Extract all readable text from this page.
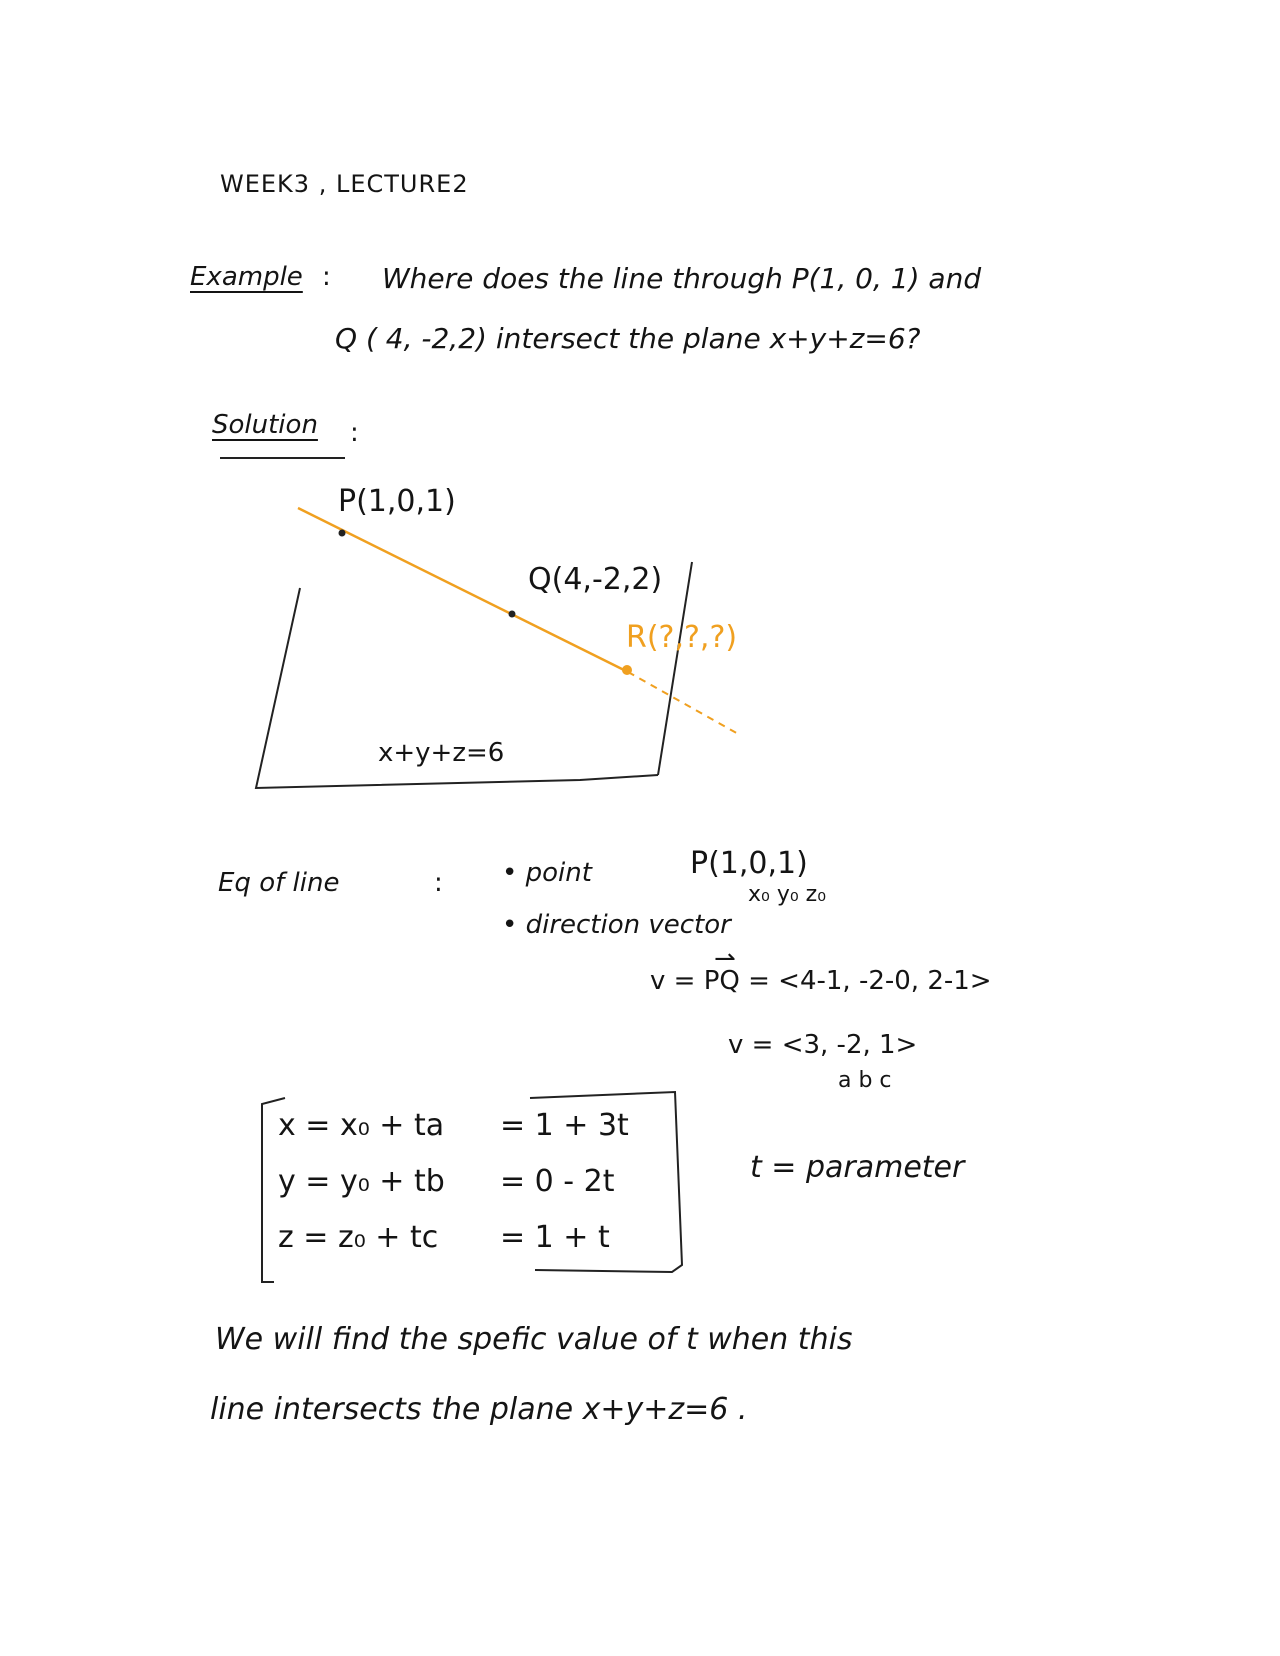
WEEK3 , LECTURE2
Example : Where does the line through P(1, 0, 1) and
Q ( 4, -2,2) intersect the plane x+y+z=6?
Solution :
P(1,0,1)
Q(4,-2,2)
R(?,?,?)
x+y+z=6
Eq of line	: • point	P(1,0,1)
x₀ y₀ z₀
• direction vector
⇀
v = PQ = <4-1, -2-0, 2-1>
v = <3, -2, 1>
a b c
x = x₀ + ta
y = y₀ + tb
z = z₀ + tc
= 1 + 3t
= 0 - 2t
= 1 + t
t = parameter
We will find the spefic value of t when this
line intersects the plane x+y+z=6 .
